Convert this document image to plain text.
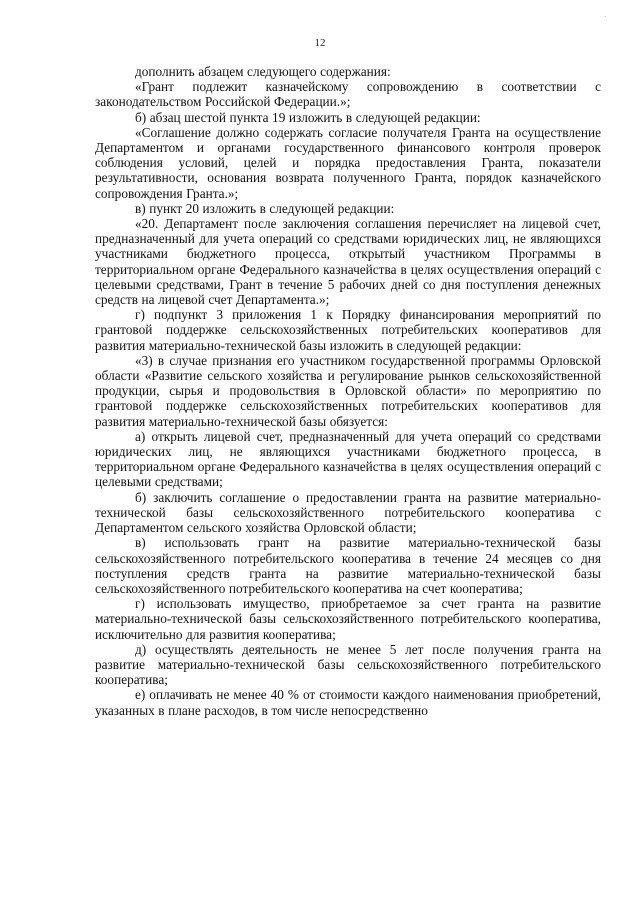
·
12

дополнить абзацем следующего содержания:

«Грант подлежит казначейскому сопровождению в соответствии с законодательством Российской Федерации.»;

б) абзац шестой пункта 19 изложить в следующей редакции:

«Соглашение должно содержать согласие получателя Гранта на осуществление Департаментом и органами государственного финансового контроля проверок соблюдения условий, целей и порядка предоставления Гранта, показатели результативности, основания возврата полученного Гранта, порядок казначейского сопровождения Гранта.»;

в) пункт 20 изложить в следующей редакции:

«20. Департамент после заключения соглашения перечисляет на лицевой счет, предназначенный для учета операций со средствами юридических лиц, не являющихся участниками бюджетного процесса, открытый участником Программы в территориальном органе Федерального казначейства в целях осуществления операций с целевыми средствами, Грант в течение 5 рабочих дней со дня поступления денежных средств на лицевой счет Департамента.»;

г) подпункт 3 приложения 1 к Порядку финансирования мероприятий по грантовой поддержке сельскохозяйственных потребительских кооперативов для развития материально-технической базы изложить в следующей редакции:

«3) в случае признания его участником государственной программы Орловской области «Развитие сельского хозяйства и регулирование рынков сельскохозяйственной продукции, сырья и продовольствия в Орловской области» по мероприятию по грантовой поддержке сельскохозяйственных потребительских кооперативов для развития материально-технической базы обязуется:

а) открыть лицевой счет, предназначенный для учета операций со средствами юридических лиц, не являющихся участниками бюджетного процесса, в территориальном органе Федерального казначейства в целях осуществления операций с целевыми средствами;

б) заключить соглашение о предоставлении гранта на развитие материально-технической базы сельскохозяйственного потребительского кооператива с Департаментом сельского хозяйства Орловской области;

в) использовать грант на развитие материально-технической базы сельскохозяйственного потребительского кооператива в течение 24 месяцев со дня поступления средств гранта на развитие материально-технической базы сельскохозяйственного потребительского кооператива на счет кооператива;

г) использовать имущество, приобретаемое за счет гранта на развитие материально-технической базы сельскохозяйственного потребительского кооператива, исключительно для развития кооператива;

д) осуществлять деятельность не менее 5 лет после получения гранта на развитие материально-технической базы сельскохозяйственного потребительского кооператива;

е) оплачивать не менее 40 % от стоимости каждого наименования приобретений, указанных в плане расходов, в том числе непосредственно
